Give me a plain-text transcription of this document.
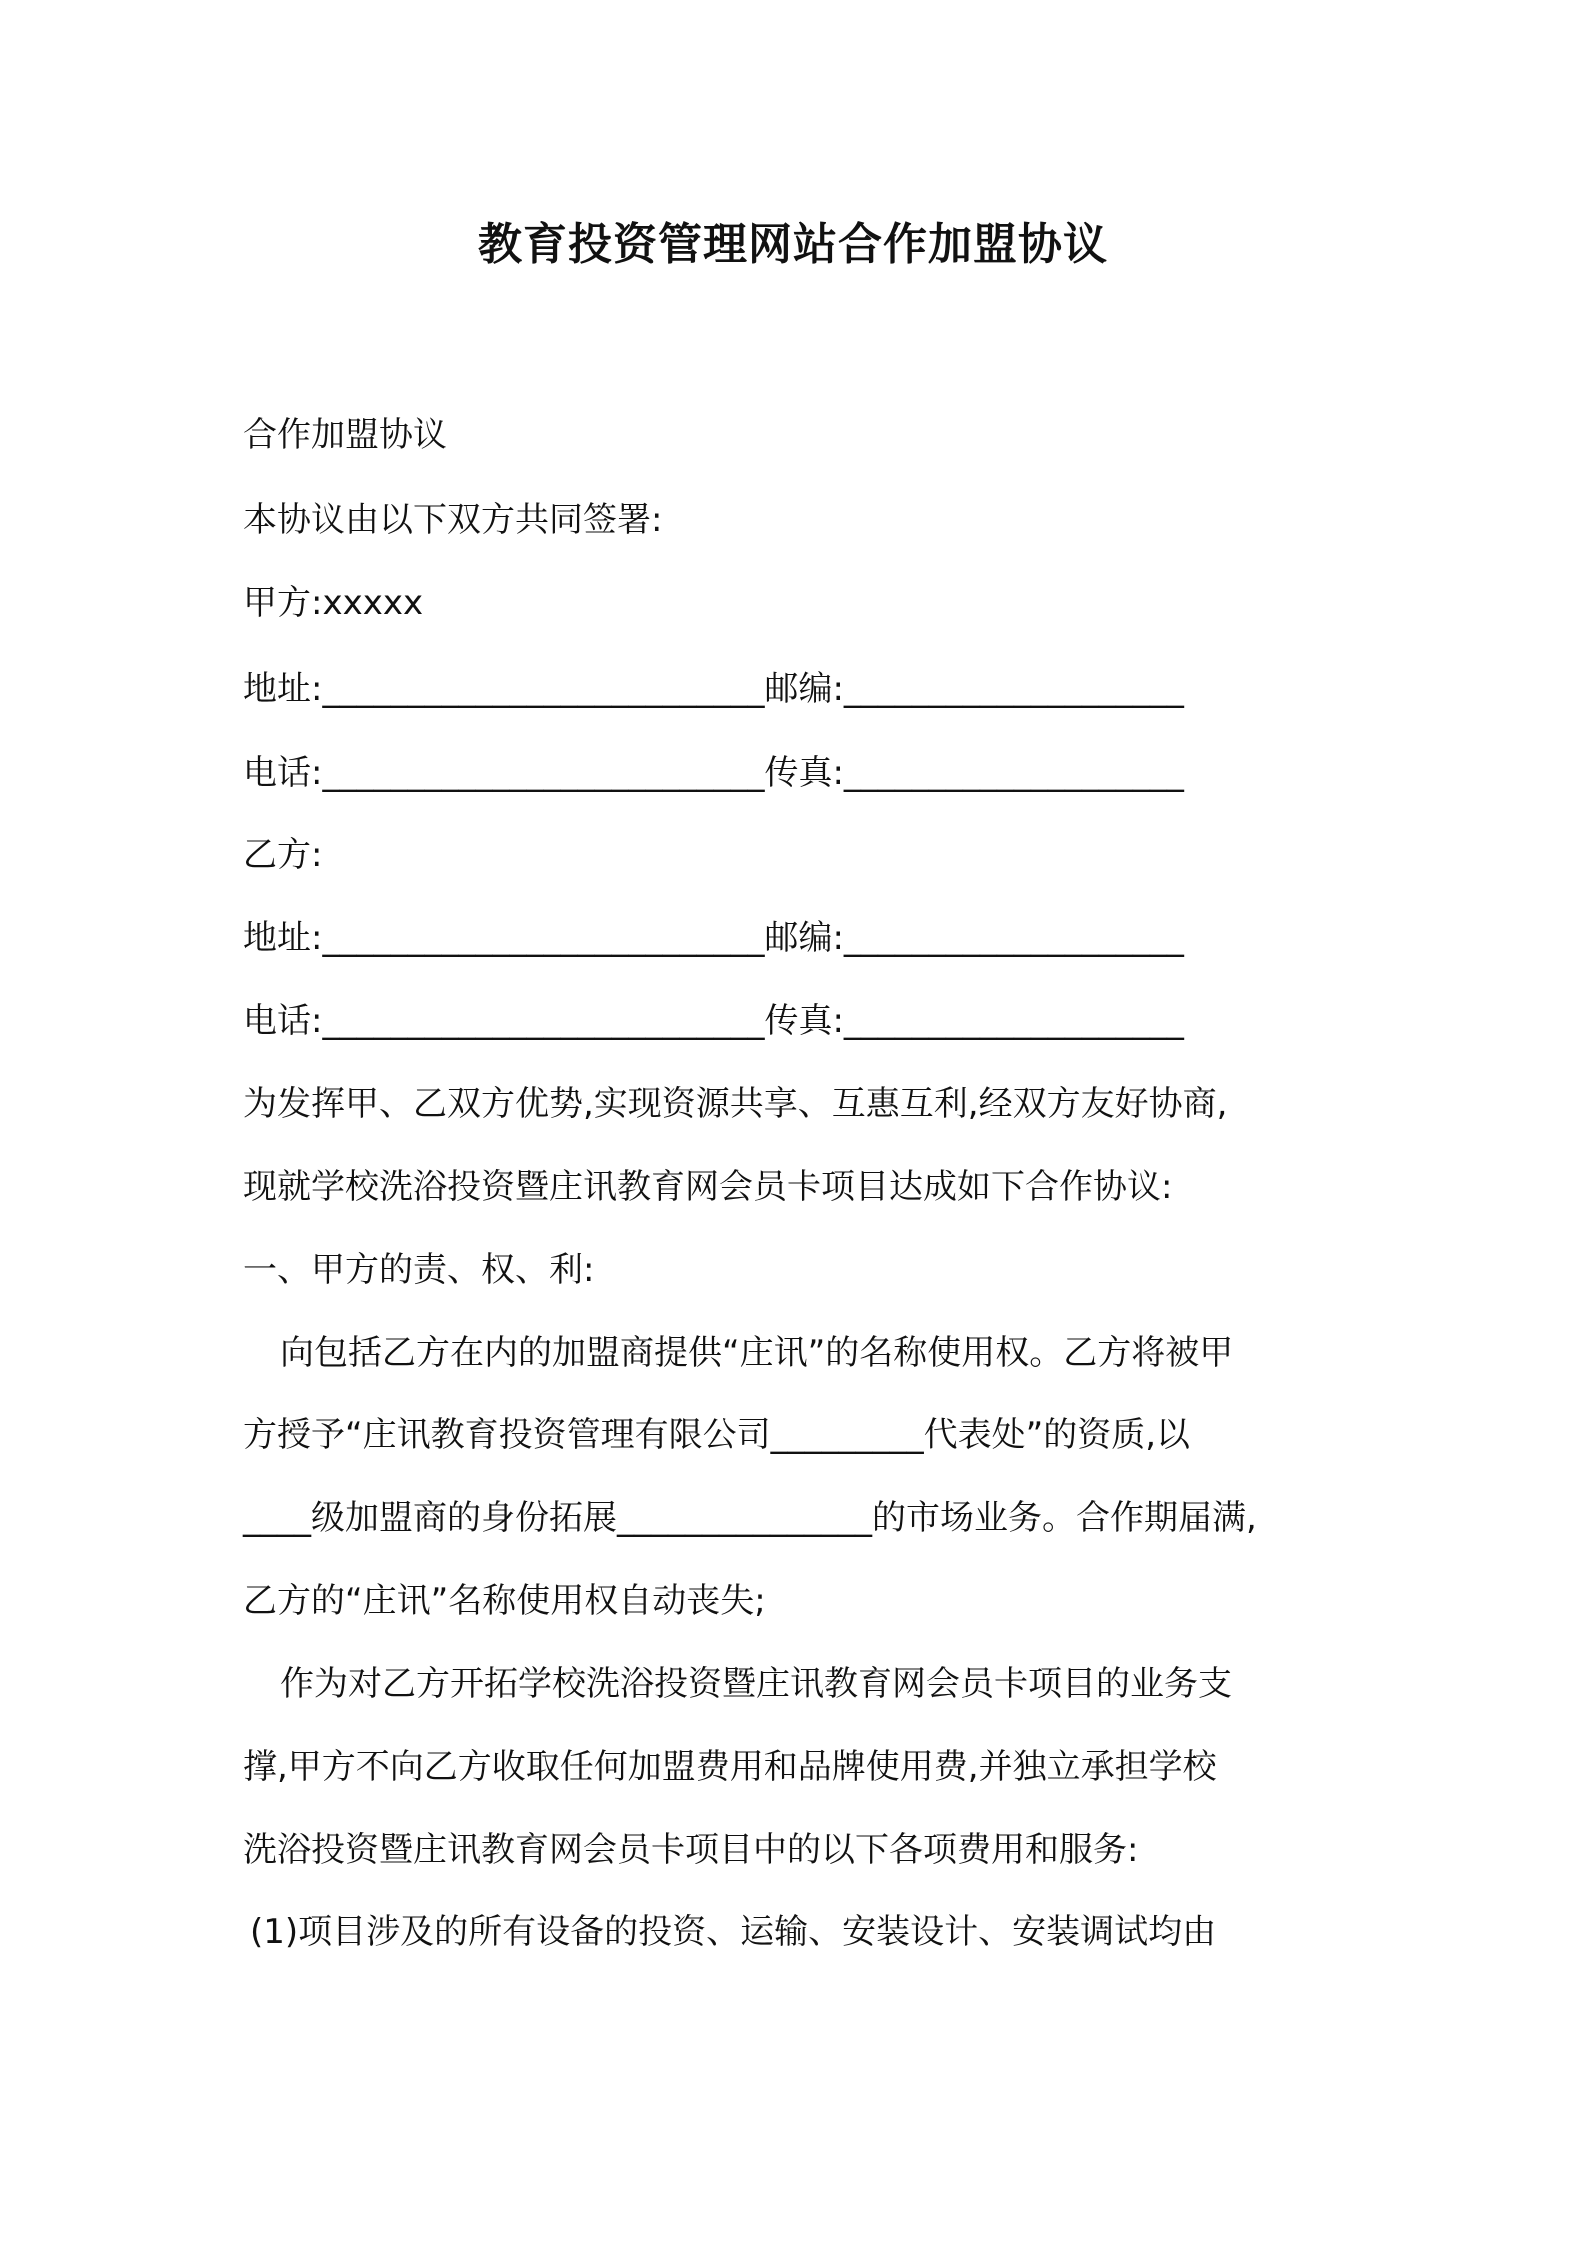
教育投资管理网站合作加盟协议
合作加盟协议
本协议由以下双方共同签署:
甲方:xxxxx
地址:__________________________邮编:____________________
电话:__________________________传真:____________________
乙方:
地址:__________________________邮编:____________________
电话:__________________________传真:____________________
为发挥甲、乙双方优势,实现资源共享、互惠互利,经双方友好协商,
现就学校洗浴投资暨庄讯教育网会员卡项目达成如下合作协议:
一、甲方的责、权、利:
向包括乙方在内的加盟商提供“庄讯”的名称使用权。乙方将被甲
方授予“庄讯教育投资管理有限公司_________代表处”的资质,以
____级加盟商的身份拓展_______________的市场业务。合作期届满,
乙方的“庄讯”名称使用权自动丧失;
作为对乙方开拓学校洗浴投资暨庄讯教育网会员卡项目的业务支
撑,甲方不向乙方收取任何加盟费用和品牌使用费,并独立承担学校
洗浴投资暨庄讯教育网会员卡项目中的以下各项费用和服务:
(1)项目涉及的所有设备的投资、运输、安装设计、安装调试均由
